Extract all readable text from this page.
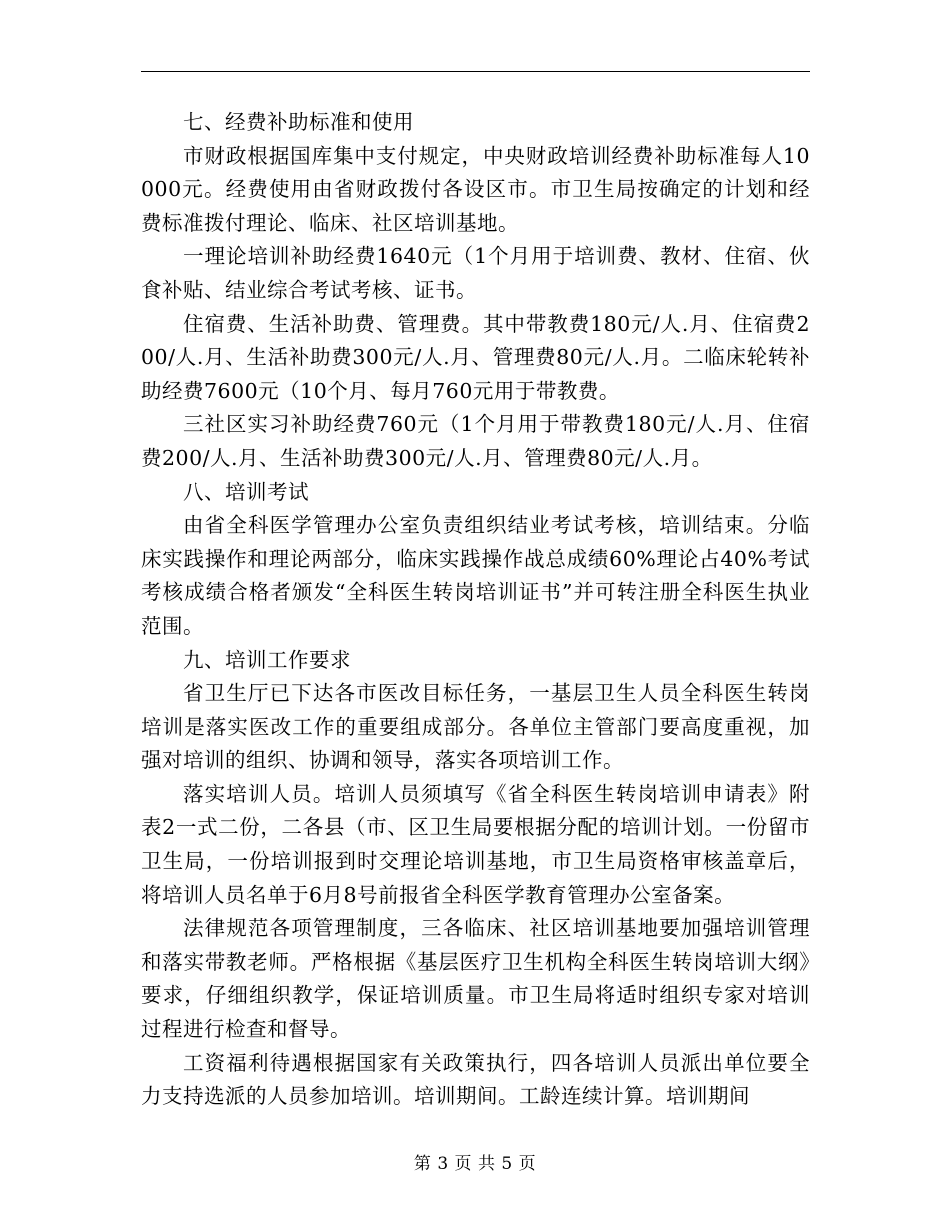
七、经费补助标准和使用

市财政根据国库集中支付规定，中央财政培训经费补助标准每人10000元。经费使用由省财政拨付各设区市。市卫生局按确定的计划和经费标准拨付理论、临床、社区培训基地。

一理论培训补助经费1640元（1个月用于培训费、教材、住宿、伙食补贴、结业综合考试考核、证书。

住宿费、生活补助费、管理费。其中带教费180元/人.月、住宿费200/人.月、生活补助费300元/人.月、管理费80元/人.月。二临床轮转补助经费7600元（10个月、每月760元用于带教费。

三社区实习补助经费760元（1个月用于带教费180元/人.月、住宿费200/人.月、生活补助费300元/人.月、管理费80元/人.月。

八、培训考试

由省全科医学管理办公室负责组织结业考试考核，培训结束。分临床实践操作和理论两部分，临床实践操作战总成绩60%理论占40%考试考核成绩合格者颁发“全科医生转岗培训证书”并可转注册全科医生执业范围。

九、培训工作要求

省卫生厅已下达各市医改目标任务，一基层卫生人员全科医生转岗培训是落实医改工作的重要组成部分。各单位主管部门要高度重视，加强对培训的组织、协调和领导，落实各项培训工作。

落实培训人员。培训人员须填写《省全科医生转岗培训申请表》附表2一式二份，二各县（市、区卫生局要根据分配的培训计划。一份留市卫生局，一份培训报到时交理论培训基地，市卫生局资格审核盖章后，将培训人员名单于6月8号前报省全科医学教育管理办公室备案。

法律规范各项管理制度，三各临床、社区培训基地要加强培训管理和落实带教老师。严格根据《基层医疗卫生机构全科医生转岗培训大纲》要求，仔细组织教学，保证培训质量。市卫生局将适时组织专家对培训过程进行检查和督导。

工资福利待遇根据国家有关政策执行，四各培训人员派出单位要全力支持选派的人员参加培训。培训期间。工龄连续计算。培训期间

第 3 页 共 5 页
